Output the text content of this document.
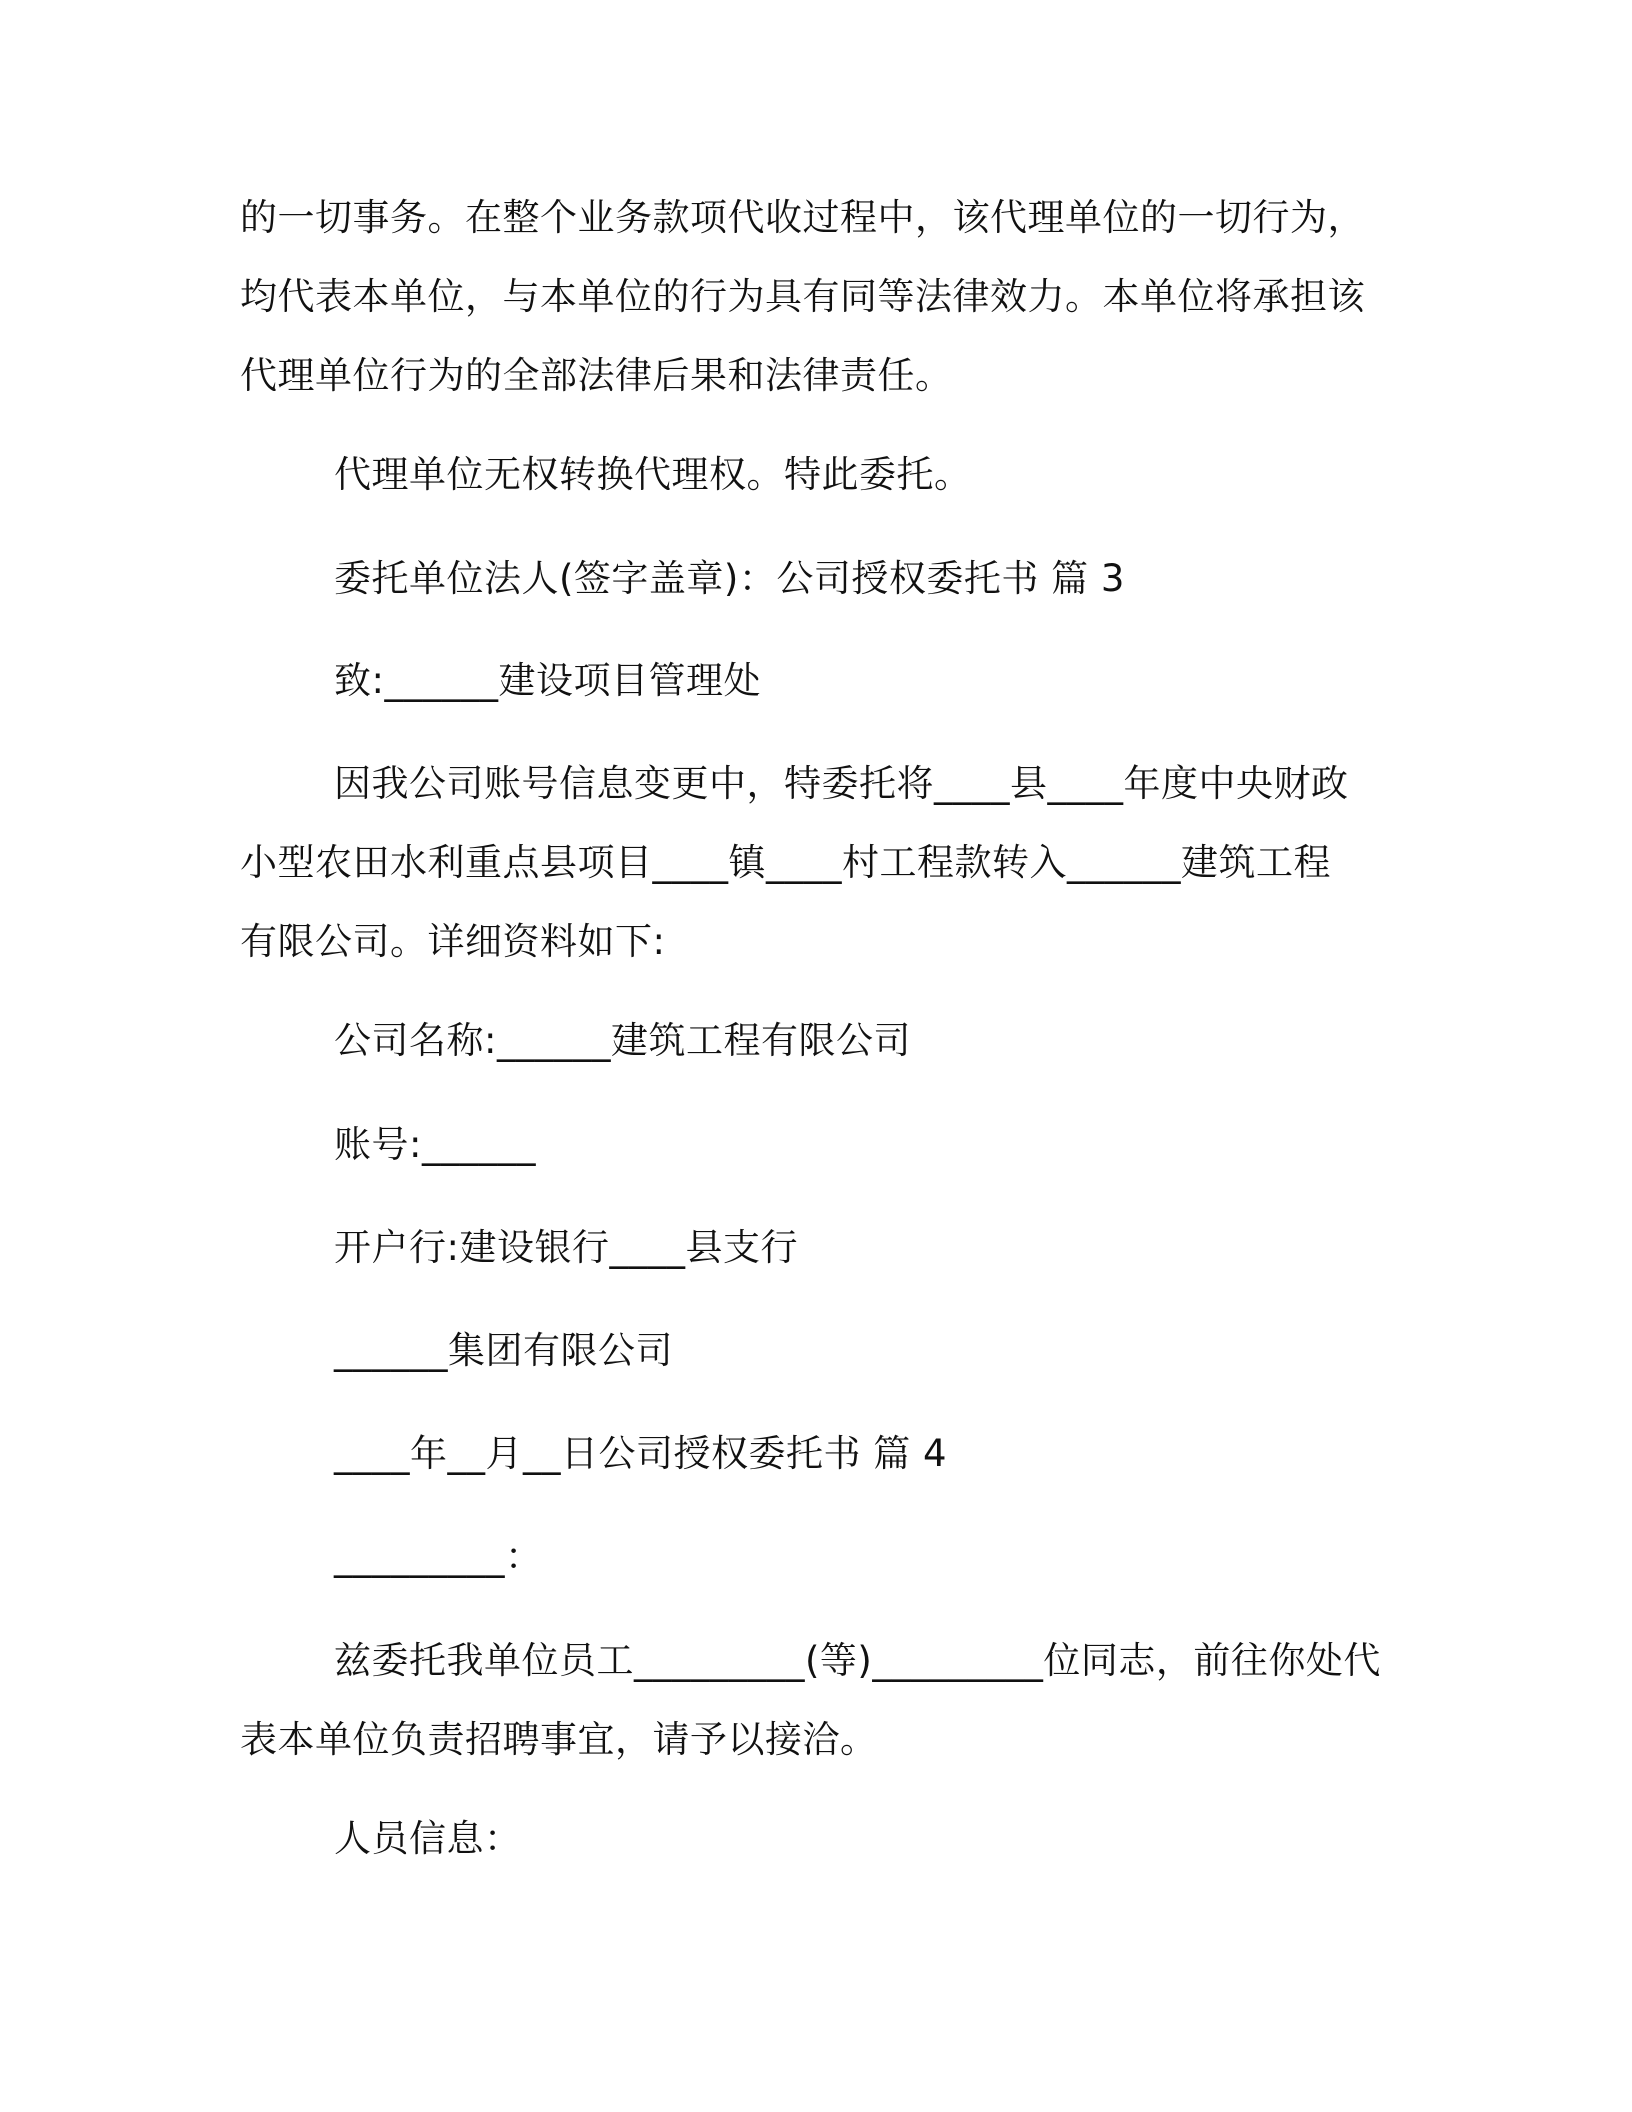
的一切事务。在整个业务款项代收过程中，该代理单位的一切行为，
均代表本单位，与本单位的行为具有同等法律效力。本单位将承担该
代理单位行为的全部法律后果和法律责任。
代理单位无权转换代理权。特此委托。
委托单位法人(签字盖章)：公司授权委托书 篇 3
致:______建设项目管理处
因我公司账号信息变更中，特委托将____县____年度中央财政
小型农田水利重点县项目____镇____村工程款转入______建筑工程
有限公司。详细资料如下:
公司名称:______建筑工程有限公司
账号:______
开户行:建设银行____县支行
______集团有限公司
____年__月__日公司授权委托书 篇 4
_________：
兹委托我单位员工_________(等)_________位同志，前往你处代
表本单位负责招聘事宜，请予以接洽。
人员信息：
